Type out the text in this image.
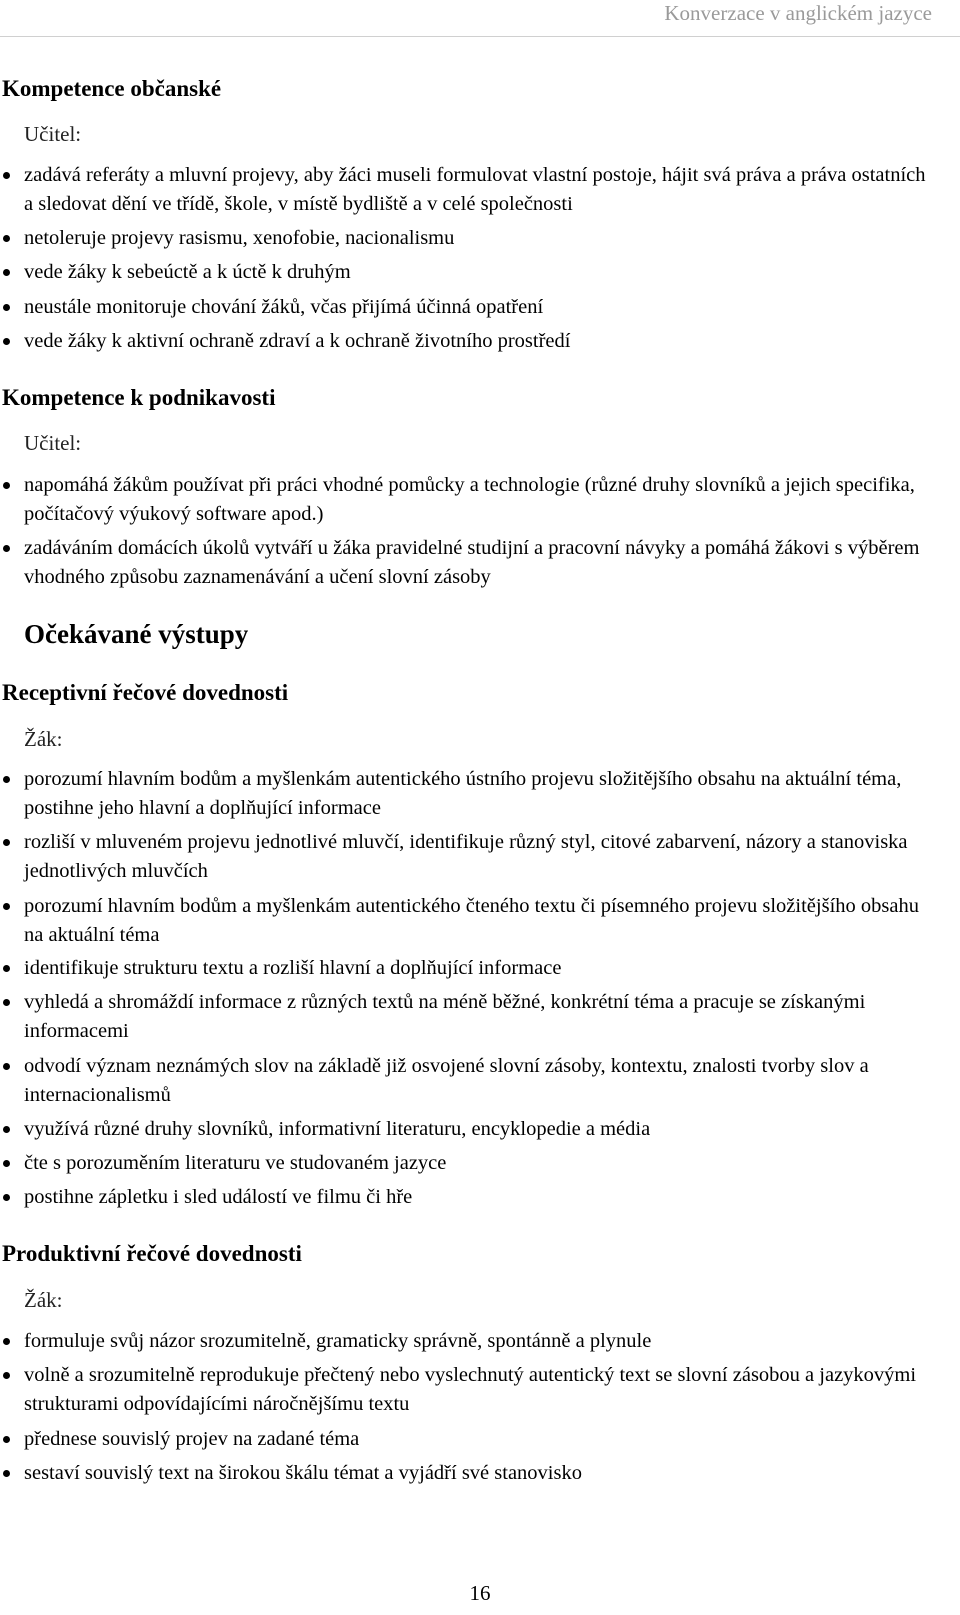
Konverzace v anglickém jazyce
Kompetence občanské
Učitel:
zadává referáty a mluvní projevy, aby žáci museli formulovat vlastní postoje, hájit svá práva a práva ostatních a sledovat dění ve třídě, škole, v místě bydliště a v celé společnosti
netoleruje projevy rasismu, xenofobie, nacionalismu
vede žáky k sebeúctě a k úctě k druhým
neustále monitoruje chování žáků, včas přijímá účinná opatření
vede žáky k aktivní ochraně zdraví a k ochraně životního prostředí
Kompetence k podnikavosti
Učitel:
napomáhá žákům používat při práci vhodné pomůcky a technologie (různé druhy slovníků a jejich specifika, počítačový výukový software apod.)
zadáváním domácích úkolů vytváří u žáka pravidelné studijní a pracovní návyky a pomáhá žákovi s výběrem vhodného způsobu zaznamenávání a učení slovní zásoby
Očekávané výstupy
Receptivní řečové dovednosti
Žák:
porozumí hlavním bodům a myšlenkám autentického ústního projevu složitějšího obsahu na aktuální téma, postihne jeho hlavní a doplňující informace
rozliší v mluveném projevu jednotlivé mluvčí, identifikuje různý styl, citové zabarvení, názory a stanoviska jednotlivých mluvčích
porozumí hlavním bodům a myšlenkám autentického čteného textu či písemného projevu složitějšího obsahu na aktuální téma
identifikuje strukturu textu a rozliší hlavní a doplňující informace
vyhledá a shromáždí informace z různých textů na méně běžné, konkrétní téma a pracuje se získanými informacemi
odvodí význam neznámých slov na základě již osvojené slovní zásoby, kontextu, znalosti tvorby slov a internacionalismů
využívá různé druhy slovníků, informativní literaturu, encyklopedie a média
čte s porozuměním literaturu ve studovaném jazyce
postihne zápletku i sled událostí ve filmu či hře
Produktivní řečové dovednosti
Žák:
formuluje svůj názor srozumitelně, gramaticky správně, spontánně a plynule
volně a srozumitelně reprodukuje přečtený nebo vyslechnutý autentický text se slovní zásobou a jazykovými strukturami odpovídajícími náročnějšímu textu
přednese souvislý projev na zadané téma
sestaví souvislý text na širokou škálu témat a vyjádří své stanovisko
16
